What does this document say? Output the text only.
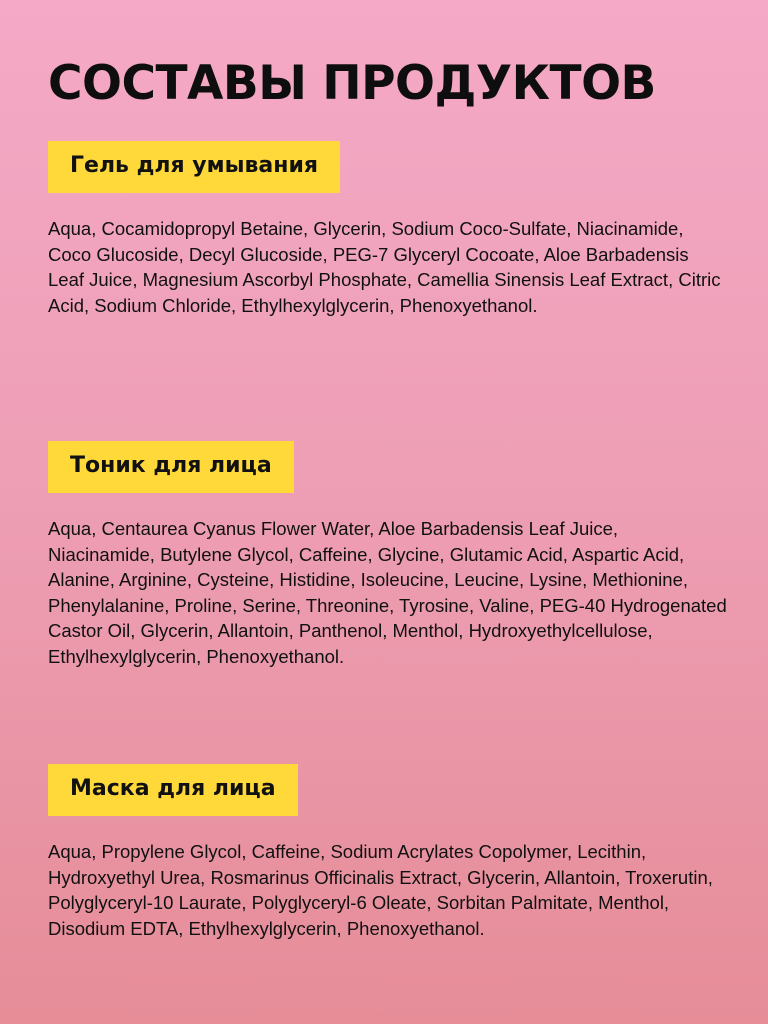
СОСТАВЫ ПРОДУКТОВ
Гель для умывания

Aqua, Cocamidopropyl Betaine, Glycerin, Sodium Coco-Sulfate, Niacinamide, Coco Glucoside, Decyl Glucoside, PEG-7 Glyceryl Cocoate, Aloe Barbadensis Leaf Juice, Magnesium Ascorbyl Phosphate, Camellia Sinensis Leaf Extract, Citric Acid, Sodium Chloride, Ethylhexylglycerin, Phenoxyethanol.

Тоник для лица

Aqua, Centaurea Cyanus Flower Water, Aloe Barbadensis Leaf Juice, Niacinamide, Butylene Glycol, Caffeine, Glycine, Glutamic Acid, Aspartic Acid, Alanine, Arginine, Cysteine, Histidine, Isoleucine, Leucine, Lysine, Methionine, Phenylalanine, Proline, Serine, Threonine, Tyrosine, Valine, PEG-40 Hydrogenated Castor Oil, Glycerin, Allantoin, Panthenol, Menthol, Hydroxyethylcellulose, Ethylhexylglycerin, Phenoxyethanol.

Маска для лица

Aqua, Propylene Glycol, Caffeine, Sodium Acrylates Copolymer, Lecithin, Hydroxyethyl Urea, Rosmarinus Officinalis Extract, Glycerin, Allantoin, Troxerutin, Polyglyceryl-10 Laurate, Polyglyceryl-6 Oleate, Sorbitan Palmitate, Menthol, Disodium EDTA, Ethylhexylglycerin, Phenoxyethanol.
